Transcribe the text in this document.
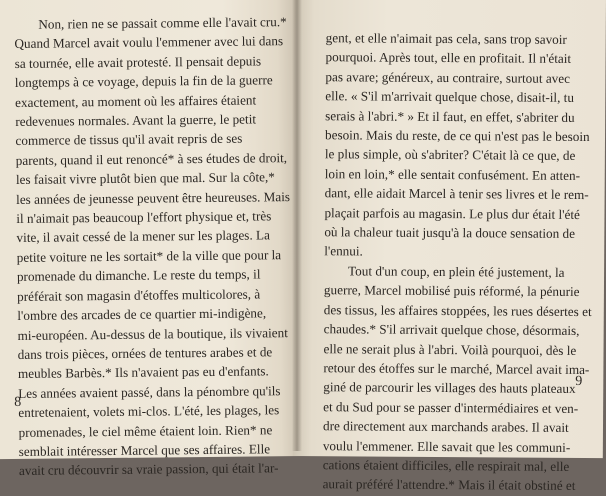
Non, rien ne se passait comme elle l'avait cru.*
Quand Marcel avait voulu l'emmener avec lui dans
sa tournée, elle avait protesté. Il pensait depuis
longtemps à ce voyage, depuis la fin de la guerre
exactement, au moment où les affaires étaient
redevenues normales. Avant la guerre, le petit
commerce de tissus qu'il avait repris de ses
parents, quand il eut renoncé* à ses études de droit,
les faisait vivre plutôt bien que mal. Sur la côte,*
les années de jeunesse peuvent être heureuses. Mais
il n'aimait pas beaucoup l'effort physique et, très
vite, il avait cessé de la mener sur les plages. La
petite voiture ne les sortait* de la ville que pour la
promenade du dimanche. Le reste du temps, il
préférait son magasin d'étoffes multicolores, à
l'ombre des arcades de ce quartier mi-indigène,
mi-européen. Au-dessus de la boutique, ils vivaient
dans trois pièces, ornées de tentures arabes et de
meubles Barbès.* Ils n'avaient pas eu d'enfants.
Les années avaient passé, dans la pénombre qu'ils
entretenaient, volets mi-clos. L'été, les plages, les
promenades, le ciel même étaient loin. Rien* ne
semblait intéresser Marcel que ses affaires. Elle
avait cru découvrir sa vraie passion, qui était l'ar-
8
gent, et elle n'aimait pas cela, sans trop savoir
pourquoi. Après tout, elle en profitait. Il n'était
pas avare; généreux, au contraire, surtout avec
elle. « S'il m'arrivait quelque chose, disait-il, tu
serais à l'abri.* » Et il faut, en effet, s'abriter du
besoin. Mais du reste, de ce qui n'est pas le besoin
le plus simple, où s'abriter? C'était là ce que, de
loin en loin,* elle sentait confusément. En atten-
dant, elle aidait Marcel à tenir ses livres et le rem-
plaçait parfois au magasin. Le plus dur était l'été
où la chaleur tuait jusqu'à la douce sensation de
l'ennui.
Tout d'un coup, en plein été justement, la
guerre, Marcel mobilisé puis réformé, la pénurie
des tissus, les affaires stoppées, les rues désertes et
chaudes.* S'il arrivait quelque chose, désormais,
elle ne serait plus à l'abri. Voilà pourquoi, dès le
retour des étoffes sur le marché, Marcel avait ima-
giné de parcourir les villages des hauts plateaux
et du Sud pour se passer d'intermédiaires et ven-
dre directement aux marchands arabes. Il avait
voulu l'emmener. Elle savait que les communi-
cations étaient difficiles, elle respirait mal, elle
aurait préféré l'attendre.* Mais il était obstiné et
9
